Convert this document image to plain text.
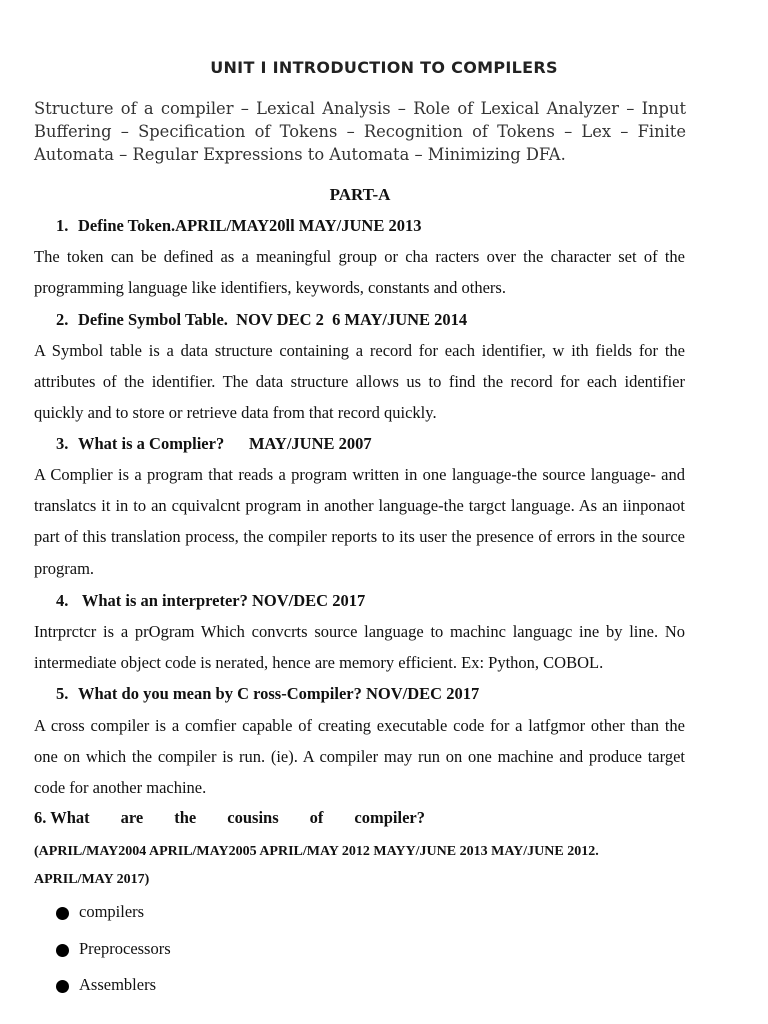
UNIT I INTRODUCTION TO COMPILERS

Structure of a compiler – Lexical Analysis – Role of Lexical Analyzer – Input Buffering – Specification of Tokens – Recognition of Tokens – Lex – Finite Automata – Regular Expressions to Automata – Minimizing DFA.

PART-A

1. Define Token.APRIL/MAY20ll MAY/JUNE 2013

The token can be defined as a meaningful group or cha racters over the character set of the programming language like identifiers, keywords, constants and others.

2. Define Symbol Table.  NOV DEC 2  6 MAY/JUNE 2014

A Symbol table is a data structure containing a record for each identifier, w ith fields for the attributes of the identifier. The data structure allows us to find the record for each identifier quickly and to store or retrieve data from that record quickly.

3. What is a Complier?      MAY/JUNE 2007

A Complier is a program that reads a program written in one language-the source language- and translatcs it in to an cquivalcnt program in another language-the targct language. As an iinponaot part of this translation process, the compiler reports to its user the presence of errors in the source program.

4. What is an interpreter? NOV/DEC 2017

Intrprctcr is a prOgram Which convcrts source language to machinc languagc ine by line. No intermediate object code is nerated, hence are memory efficient. Ex: Python, COBOL.

5. What do you mean by C ross-Compiler? NOV/DEC 2017

A cross compiler is a comfier capable of creating executable code for a latfgmor other than the one on which the compiler is run. (ie). A compiler may run on one machine and produce target code for another machine.

6. What are the cousins of compiler?

(APRIL/MAY2004 APRIL/MAY2005 APRIL/MAY 2012 MAYY/JUNE 2013 MAY/JUNE 2012. APRIL/MAY 2017)

compilers
Preprocessors
Assemblers
